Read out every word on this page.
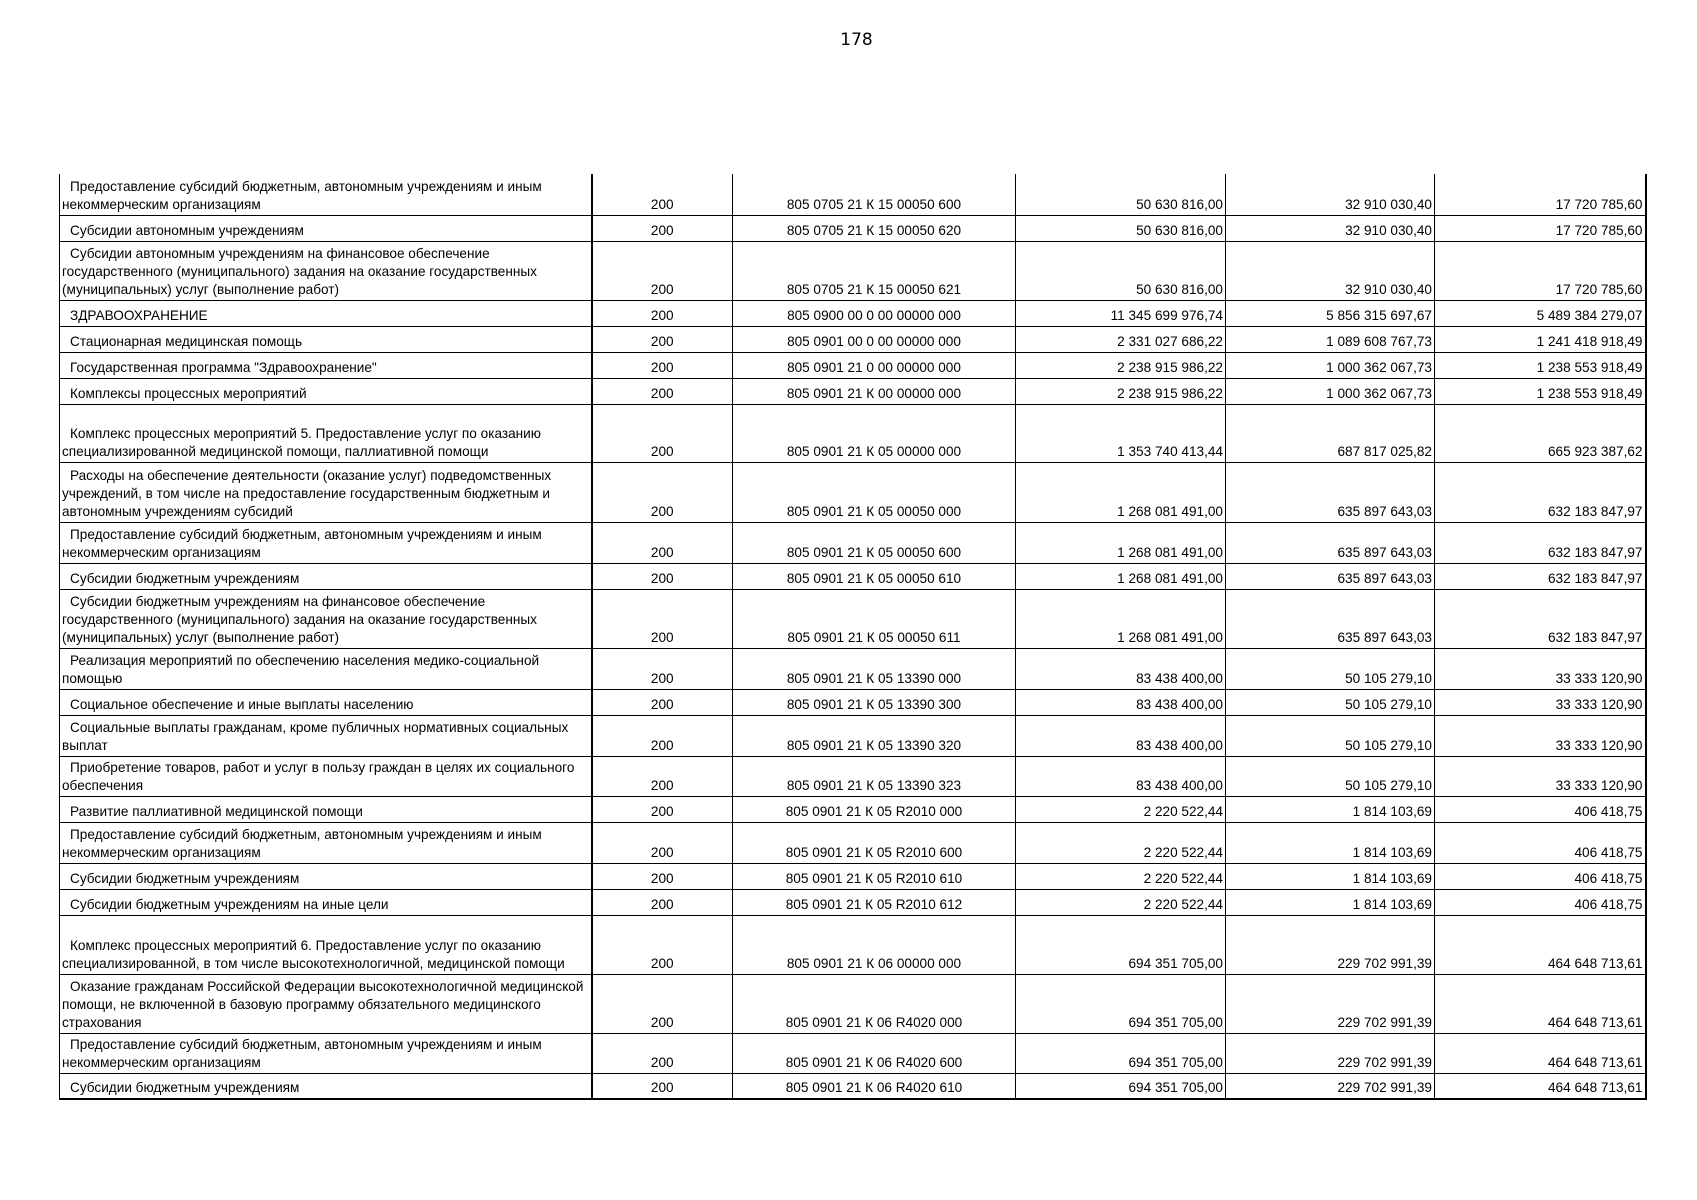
178
Предоставление субсидий бюджетным, автономным учреждениям и иным некоммерческим организациям	200	805 0705 21 К 15 00050 600	50 630 816,00	32 910 030,40	17 720 785,60
Субсидии автономным учреждениям	200	805 0705 21 К 15 00050 620	50 630 816,00	32 910 030,40	17 720 785,60
Субсидии автономным учреждениям на финансовое обеспечение государственного (муниципального) задания на оказание государственных (муниципальных) услуг (выполнение работ)	200	805 0705 21 К 15 00050 621	50 630 816,00	32 910 030,40	17 720 785,60
ЗДРАВООХРАНЕНИЕ	200	805 0900 00 0 00 00000 000	11 345 699 976,74	5 856 315 697,67	5 489 384 279,07
Стационарная медицинская помощь	200	805 0901 00 0 00 00000 000	2 331 027 686,22	1 089 608 767,73	1 241 418 918,49
Государственная программа "Здравоохранение"	200	805 0901 21 0 00 00000 000	2 238 915 986,22	1 000 362 067,73	1 238 553 918,49
Комплексы процессных мероприятий	200	805 0901 21 К 00 00000 000	2 238 915 986,22	1 000 362 067,73	1 238 553 918,49
Комплекс процессных мероприятий 5. Предоставление услуг по оказанию специализированной медицинской помощи, паллиативной помощи	200	805 0901 21 К 05 00000 000	1 353 740 413,44	687 817 025,82	665 923 387,62
Расходы на обеспечение деятельности (оказание услуг) подведомственных учреждений, в том числе на предоставление государственным бюджетным и автономным учреждениям субсидий	200	805 0901 21 К 05 00050 000	1 268 081 491,00	635 897 643,03	632 183 847,97
Предоставление субсидий бюджетным, автономным учреждениям и иным некоммерческим организациям	200	805 0901 21 К 05 00050 600	1 268 081 491,00	635 897 643,03	632 183 847,97
Субсидии бюджетным учреждениям	200	805 0901 21 К 05 00050 610	1 268 081 491,00	635 897 643,03	632 183 847,97
Субсидии бюджетным учреждениям на финансовое обеспечение государственного (муниципального) задания на оказание государственных (муниципальных) услуг (выполнение работ)	200	805 0901 21 К 05 00050 611	1 268 081 491,00	635 897 643,03	632 183 847,97
Реализация мероприятий по обеспечению населения медико-социальной помощью	200	805 0901 21 К 05 13390 000	83 438 400,00	50 105 279,10	33 333 120,90
Социальное обеспечение и иные выплаты населению	200	805 0901 21 К 05 13390 300	83 438 400,00	50 105 279,10	33 333 120,90
Социальные выплаты гражданам, кроме публичных нормативных социальных выплат	200	805 0901 21 К 05 13390 320	83 438 400,00	50 105 279,10	33 333 120,90
Приобретение товаров, работ и услуг в пользу граждан в целях их социального обеспечения	200	805 0901 21 К 05 13390 323	83 438 400,00	50 105 279,10	33 333 120,90
Развитие паллиативной медицинской помощи	200	805 0901 21 К 05 R2010 000	2 220 522,44	1 814 103,69	406 418,75
Предоставление субсидий бюджетным, автономным учреждениям и иным некоммерческим организациям	200	805 0901 21 К 05 R2010 600	2 220 522,44	1 814 103,69	406 418,75
Субсидии бюджетным учреждениям	200	805 0901 21 К 05 R2010 610	2 220 522,44	1 814 103,69	406 418,75
Субсидии бюджетным учреждениям на иные цели	200	805 0901 21 К 05 R2010 612	2 220 522,44	1 814 103,69	406 418,75
Комплекс процессных мероприятий 6. Предоставление услуг по оказанию специализированной, в том числе высокотехнологичной, медицинской помощи	200	805 0901 21 К 06 00000 000	694 351 705,00	229 702 991,39	464 648 713,61
Оказание гражданам Российской Федерации высокотехнологичной медицинской помощи, не включенной в базовую программу обязательного медицинского страхования	200	805 0901 21 К 06 R4020 000	694 351 705,00	229 702 991,39	464 648 713,61
Предоставление субсидий бюджетным, автономным учреждениям и иным некоммерческим организациям	200	805 0901 21 К 06 R4020 600	694 351 705,00	229 702 991,39	464 648 713,61
Субсидии бюджетным учреждениям	200	805 0901 21 К 06 R4020 610	694 351 705,00	229 702 991,39	464 648 713,61
